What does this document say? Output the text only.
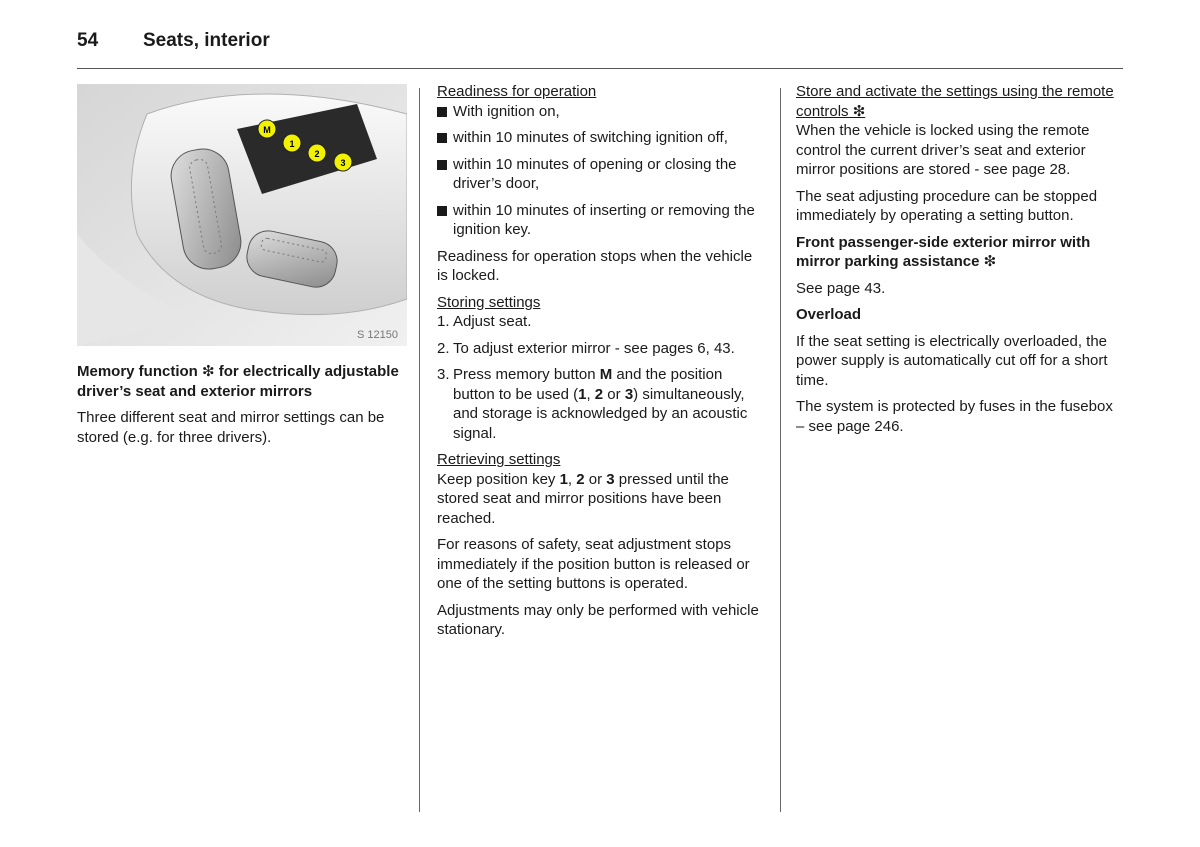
54 Seats, interior
M
1
2
3
S 12150

Memory function ❇ for electrically adjustable driver’s seat and exterior mirrors

Three different seat and mirror settings can be stored (e.g. for three drivers).

Readiness for operation

With ignition on,
within 10 minutes of switching ignition off,
within 10 minutes of opening or closing the driver’s door,
within 10 minutes of inserting or removing the ignition key.

Readiness for operation stops when the vehicle is locked.

Storing settings

1. Adjust seat.
2. To adjust exterior mirror - see pages 6, 43.
3. Press memory button M and the position button to be used (1, 2 or 3) simultaneously, and storage is acknowledged by an acoustic signal.

Retrieving settings

Keep position key 1, 2 or 3 pressed until the stored seat and mirror positions have been reached.

For reasons of safety, seat adjustment stops immediately if the position button is released or one of the setting buttons is operated.

Adjustments may only be performed with vehicle stationary.

Store and activate the settings using the remote controls ❇

When the vehicle is locked using the remote control the current driver’s seat and exterior mirror positions are stored - see page 28.

The seat adjusting procedure can be stopped immediately by operating a setting button.

Front passenger-side exterior mirror with mirror parking assistance ❇

See page 43.

Overload

If the seat setting is electrically overloaded, the power supply is automatically cut off for a short time.

The system is protected by fuses in the fusebox – see page 246.
